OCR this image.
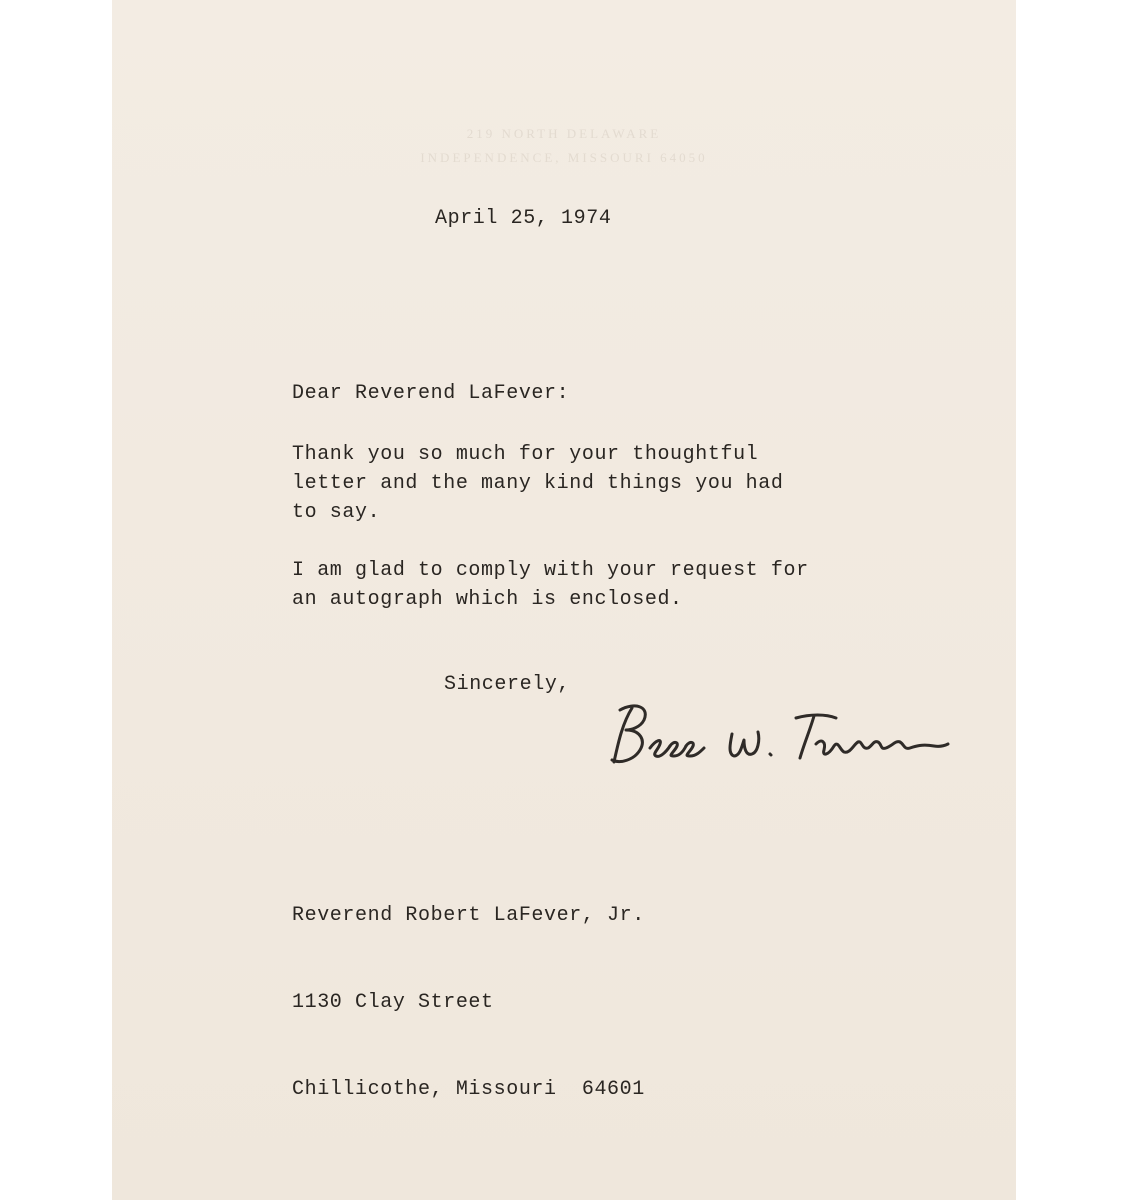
219 NORTH DELAWARE
INDEPENDENCE, MISSOURI 64050
April 25, 1974
Dear Reverend LaFever:
Thank you so much for your thoughtful
letter and the many kind things you had
to say.
I am glad to comply with your request for
an autograph which is enclosed.
Sincerely,

Reverend Robert LaFever, Jr.

1130 Clay Street

Chillicothe, Missouri  64601
